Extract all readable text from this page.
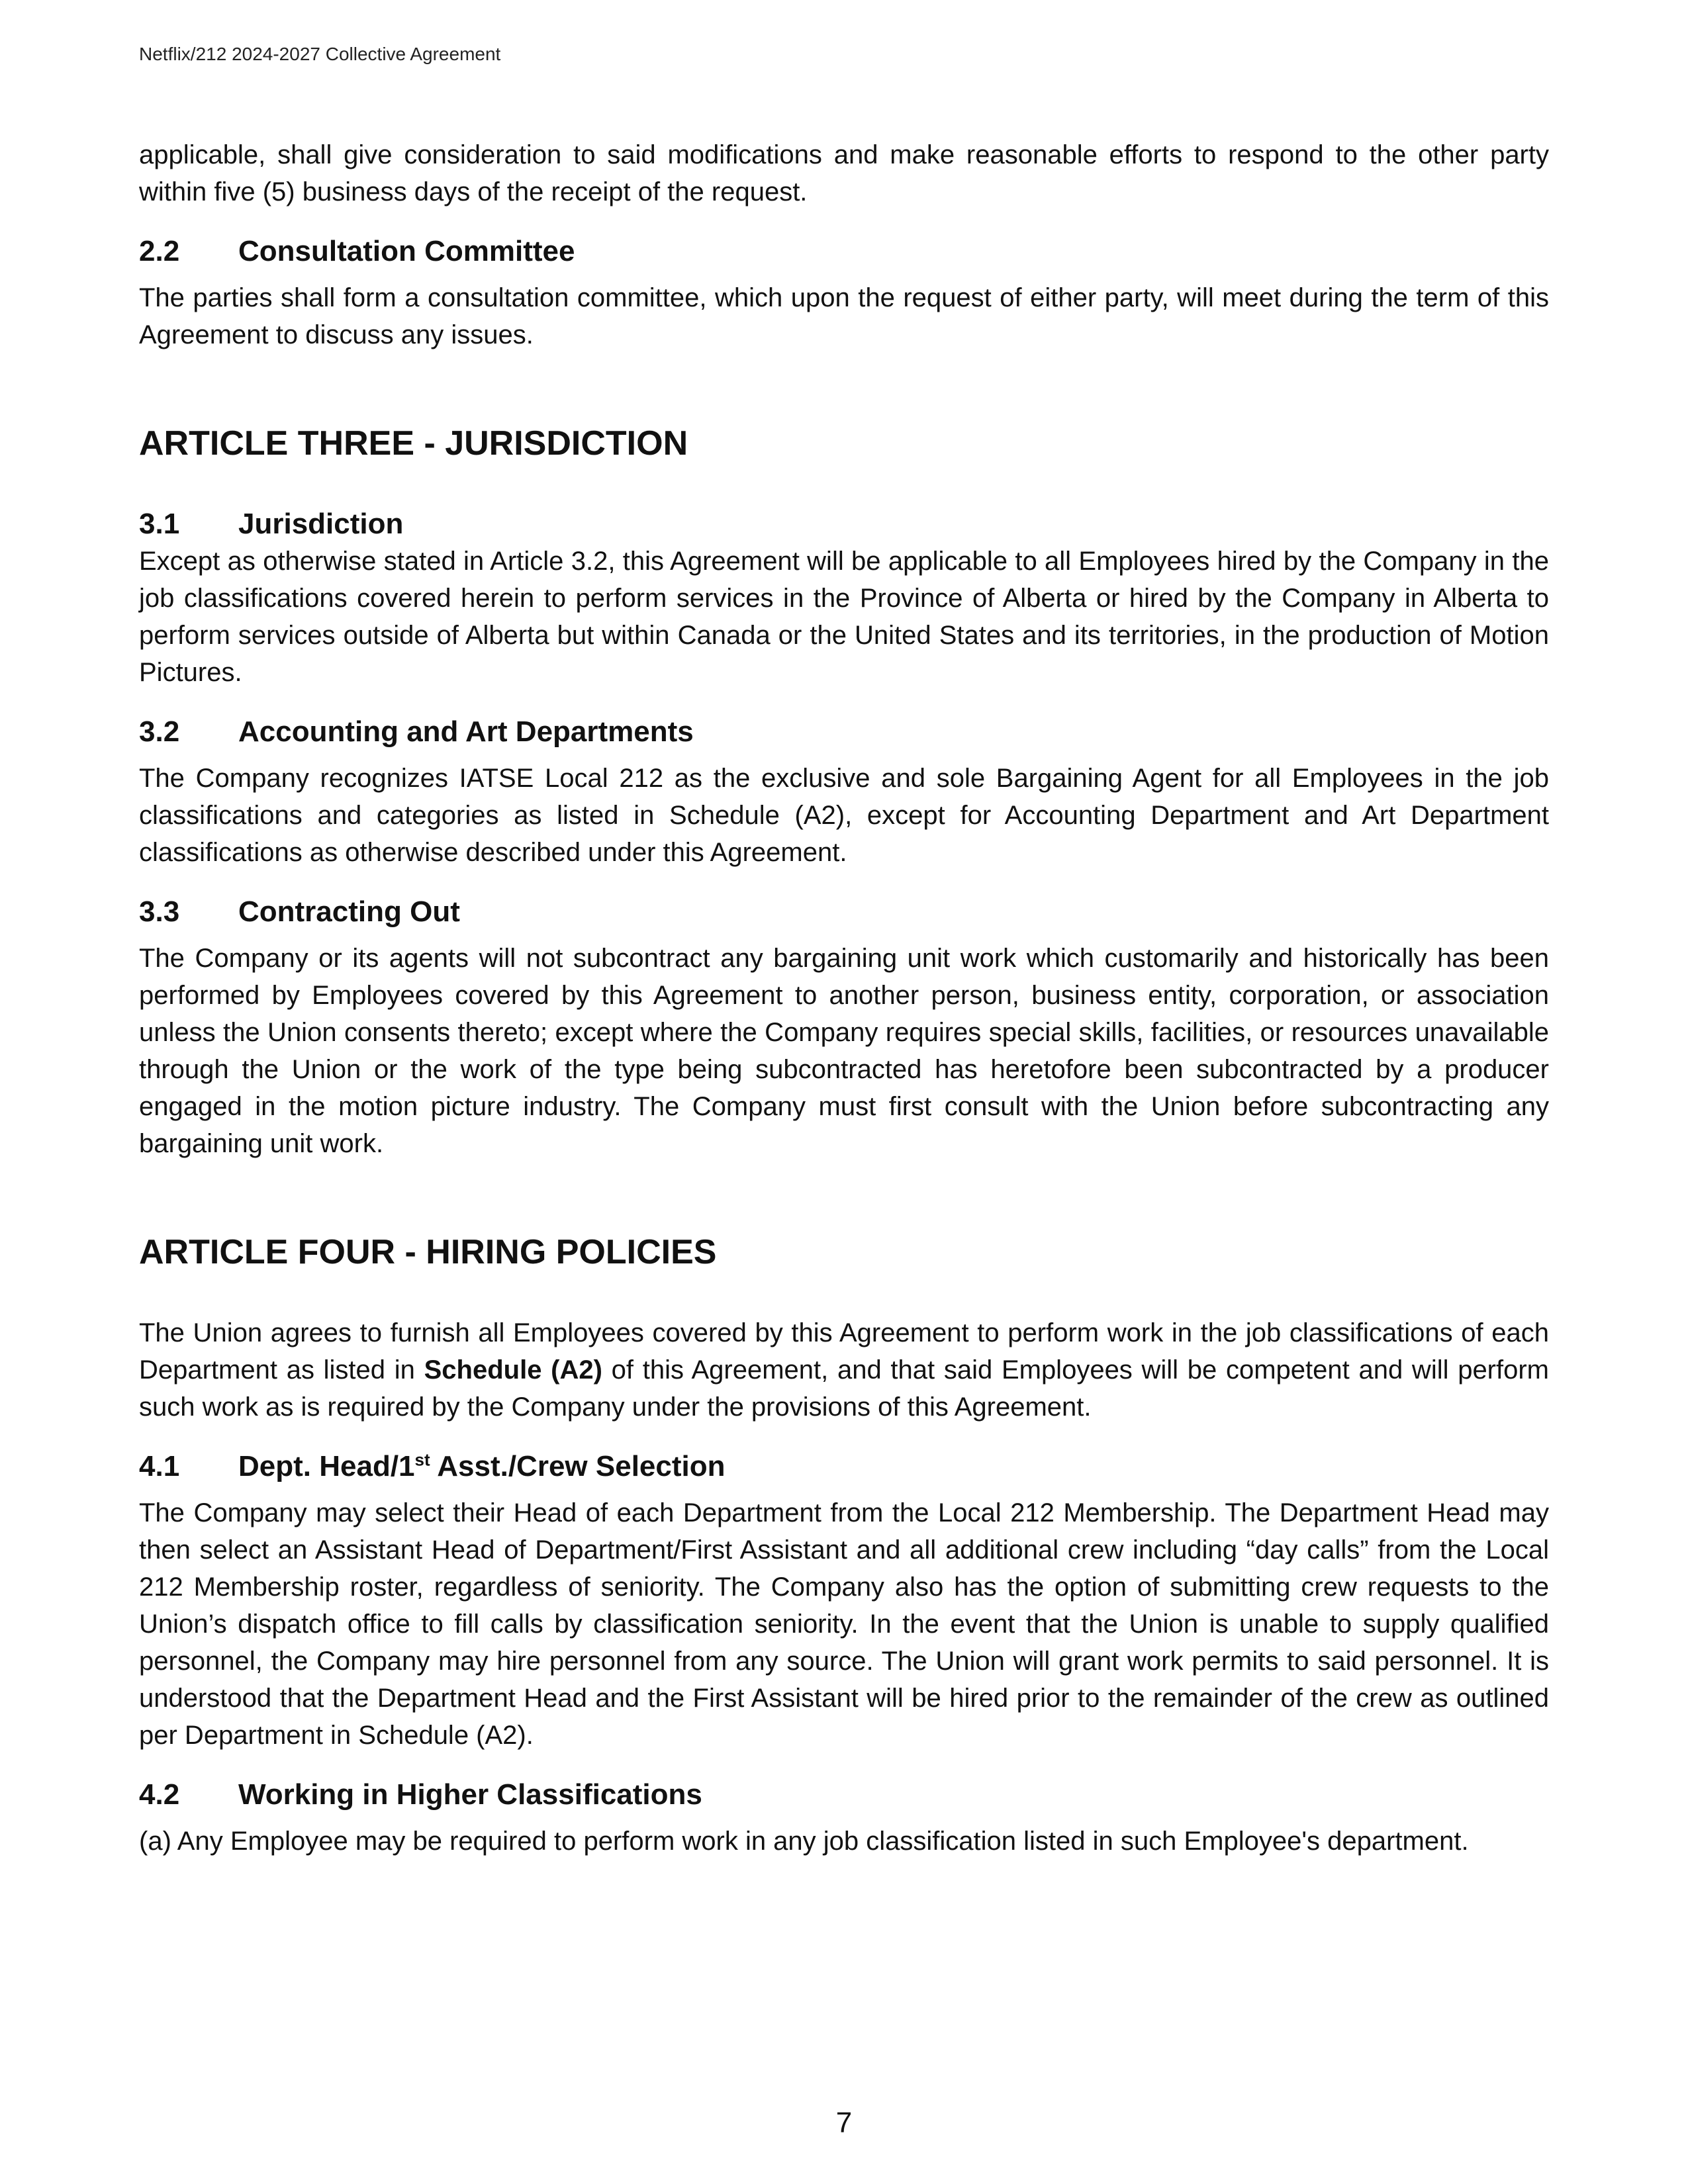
Netflix/212 2024-2027 Collective Agreement

applicable, shall give consideration to said modifications and make reasonable efforts to respond to the other party within five (5) business days of the receipt of the request.

2.2	Consultation Committee

The parties shall form a consultation committee, which upon the request of either party, will meet during the term of this Agreement to discuss any issues.

ARTICLE THREE - JURISDICTION
3.1	Jurisdiction

Except as otherwise stated in Article 3.2, this Agreement will be applicable to all Employees hired by the Company in the job classifications covered herein to perform services in the Province of Alberta or hired by the Company in Alberta to perform services outside of Alberta but within Canada or the United States and its territories, in the production of Motion Pictures.

3.2	Accounting and Art Departments

The Company recognizes IATSE Local 212 as the exclusive and sole Bargaining Agent for all Employees in the job classifications and categories as listed in Schedule (A2), except for Accounting Department and Art Department classifications as otherwise described under this Agreement.

3.3	Contracting Out

The Company or its agents will not subcontract any bargaining unit work which customarily and historically has been performed by Employees covered by this Agreement to another person, business entity, corporation, or association unless the Union consents thereto; except where the Company requires special skills, facilities, or resources unavailable through the Union or the work of the type being subcontracted has heretofore been subcontracted by a producer engaged in the motion picture industry. The Company must first consult with the Union before subcontracting any bargaining unit work.

ARTICLE FOUR - HIRING POLICIES

The Union agrees to furnish all Employees covered by this Agreement to perform work in the job classifications of each Department as listed in Schedule (A2) of this Agreement, and that said Employees will be competent and will perform such work as is required by the Company under the provisions of this Agreement.

4.1	Dept. Head/1st Asst./Crew Selection

The Company may select their Head of each Department from the Local 212 Membership. The Department Head may then select an Assistant Head of Department/First Assistant and all additional crew including “day calls” from the Local 212 Membership roster, regardless of seniority. The Company also has the option of submitting crew requests to the Union’s dispatch office to fill calls by classification seniority. In the event that the Union is unable to supply qualified personnel, the Company may hire personnel from any source. The Union will grant work permits to said personnel. It is understood that the Department Head and the First Assistant will be hired prior to the remainder of the crew as outlined per Department in Schedule (A2).

4.2	Working in Higher Classifications

(a) Any Employee may be required to perform work in any job classification listed in such Employee's department.

7
